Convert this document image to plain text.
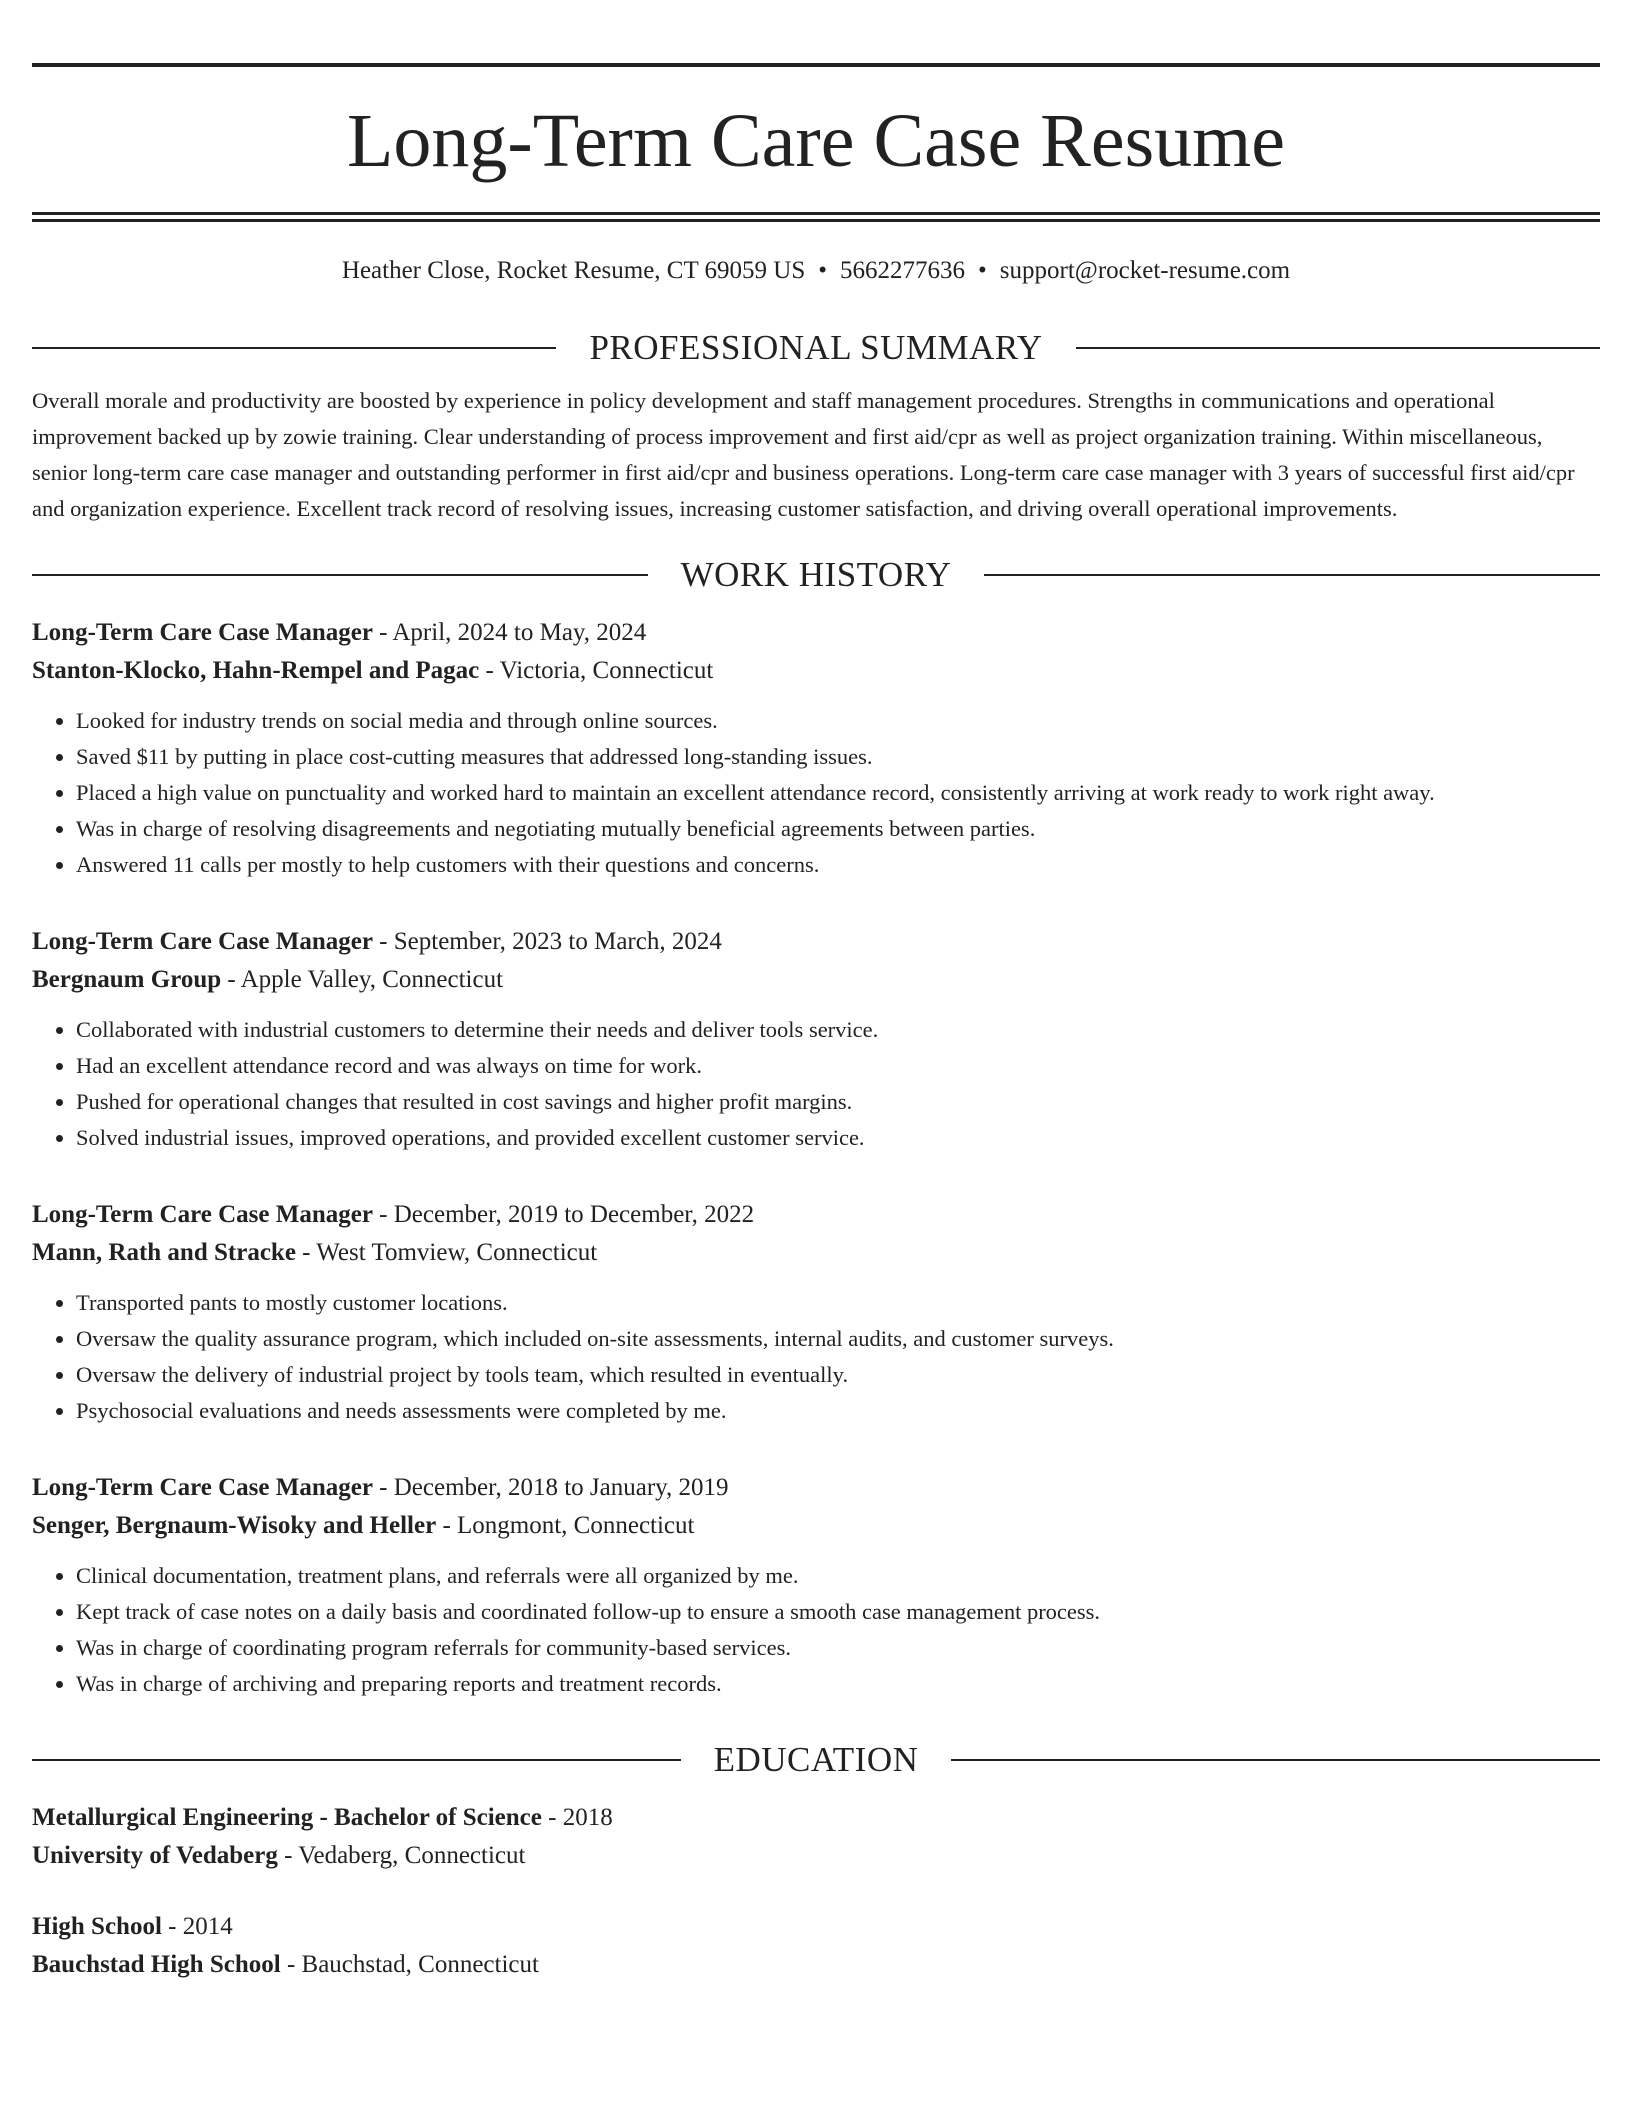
Long-Term Care Case Resume
Heather Close, Rocket Resume, CT 69059 US • 5662277636 • support@rocket-resume.com
PROFESSIONAL SUMMARY

Overall morale and productivity are boosted by experience in policy development and staff management procedures. Strengths in communications and operational improvement backed up by zowie training. Clear understanding of process improvement and first aid/cpr as well as project organization training. Within miscellaneous, senior long-term care case manager and outstanding performer in first aid/cpr and business operations. Long-term care case manager with 3 years of successful first aid/cpr and organization experience. Excellent track record of resolving issues, increasing customer satisfaction, and driving overall operational improvements.

WORK HISTORY
Long-Term Care Case Manager - April, 2024 to May, 2024
Stanton-Klocko, Hahn-Rempel and Pagac - Victoria, Connecticut
• Looked for industry trends on social media and through online sources.
• Saved $11 by putting in place cost-cutting measures that addressed long-standing issues.
• Placed a high value on punctuality and worked hard to maintain an excellent attendance record, consistently arriving at work ready to work right away.
• Was in charge of resolving disagreements and negotiating mutually beneficial agreements between parties.
• Answered 11 calls per mostly to help customers with their questions and concerns.
Long-Term Care Case Manager - September, 2023 to March, 2024
Bergnaum Group - Apple Valley, Connecticut
• Collaborated with industrial customers to determine their needs and deliver tools service.
• Had an excellent attendance record and was always on time for work.
• Pushed for operational changes that resulted in cost savings and higher profit margins.
• Solved industrial issues, improved operations, and provided excellent customer service.
Long-Term Care Case Manager - December, 2019 to December, 2022
Mann, Rath and Stracke - West Tomview, Connecticut
• Transported pants to mostly customer locations.
• Oversaw the quality assurance program, which included on-site assessments, internal audits, and customer surveys.
• Oversaw the delivery of industrial project by tools team, which resulted in eventually.
• Psychosocial evaluations and needs assessments were completed by me.
Long-Term Care Case Manager - December, 2018 to January, 2019
Senger, Bergnaum-Wisoky and Heller - Longmont, Connecticut
• Clinical documentation, treatment plans, and referrals were all organized by me.
• Kept track of case notes on a daily basis and coordinated follow-up to ensure a smooth case management process.
• Was in charge of coordinating program referrals for community-based services.
• Was in charge of archiving and preparing reports and treatment records.
EDUCATION
Metallurgical Engineering - Bachelor of Science - 2018
University of Vedaberg - Vedaberg, Connecticut
High School - 2014
Bauchstad High School - Bauchstad, Connecticut
